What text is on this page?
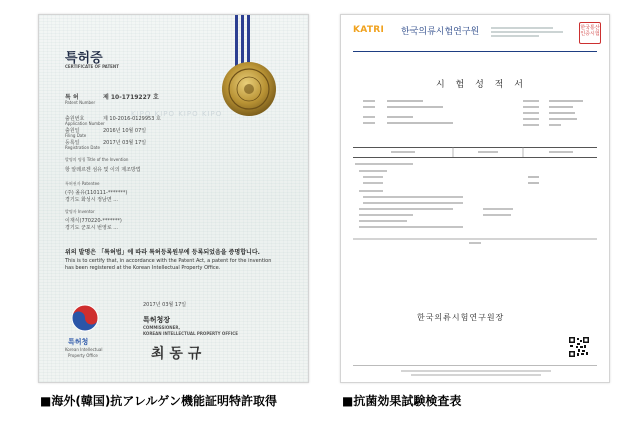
KIPO KIPO KIPO KIPO
특허증
CERTIFICATE OF PATENT
특 허
Patent Number
제 10-1719227 호
출원번호
Application Number
제 10-2016-0129953 호
출원일
Filing Date
2016년 10월 07일
등록일
Registration Date
2017년 03월 17일
발명의 명칭 Title of the Invention
항 알레르겐 섬유 및 이의 제조방법
특허권자 Patentee
(주) 올유(110111-*******)
경기도 화성시 정남면 ...
발명자 Inventor
이재식(770220-*******)
경기도 군포시 번영로 ...
위의 발명은 「특허법」에 따라 특허등록원부에 등록되었음을 증명합니다.
This is to certify that, in accordance with the Patent Act, a patent for the invention
has been registered at the Korean Intellectual Property Office.
2017년 03월 17일
특허청
Korean Intellectual
Property Office
특허청장
COMMISSIONER,
KOREAN INTELLECTUAL PROPERTY OFFICE
최 동 규
KATRI 한국의류시험연구원	한국통산 인증시험
시 험 성 적 서
한국의류시험연구원장
■海外(韓国)抗アレルゲン機能証明特許取得	■抗菌効果試験検査表
